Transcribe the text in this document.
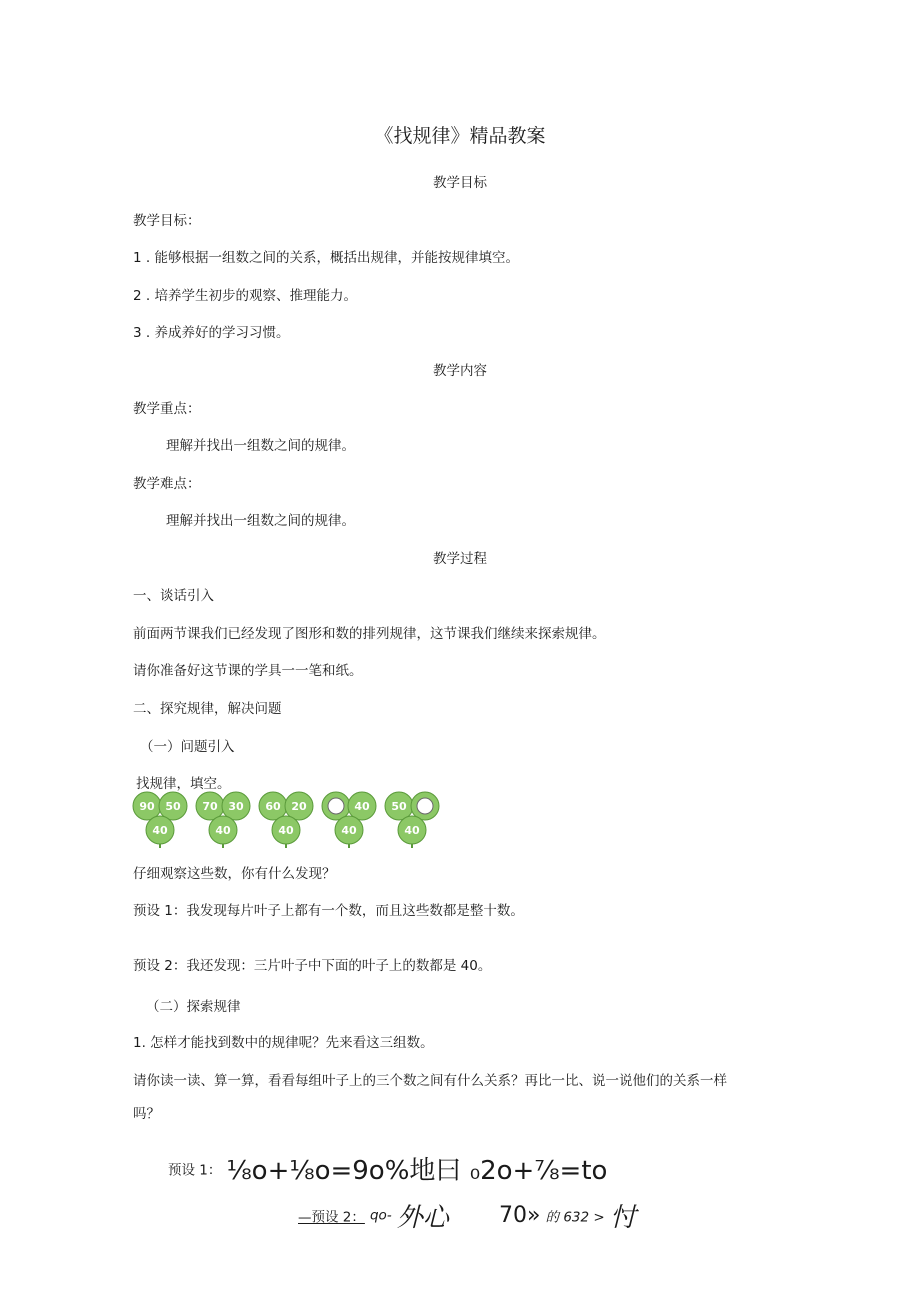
《找规律》精品教案
教学目标
教学目标：
1 . 能够根据一组数之间的关系，概括出规律，并能按规律填空。
2 . 培养学生初步的观察、推理能力。
3 . 养成养好的学习习惯。
教学内容
教学重点：
理解并找出一组数之间的规律。
教学难点：
理解并找出一组数之间的规律。
教学过程
一、谈话引入
前面两节课我们已经发现了图形和数的排列规律，这节课我们继续来探索规律。
请你准备好这节课的学具一一笔和纸。
二、探究规律，解决问题
（一）问题引入
找规律，填空。
90 50
40
70 30
40
60 20
40
40
40
50
40
仔细观察这些数，你有什么发现？
预设 1：我发现每片叶子上都有一个数，而且这些数都是整十数。
预设 2：我还发现：三片叶子中下面的叶子上的数都是 40。
（二）探索规律
1. 怎样才能找到数中的规律呢？先来看这三组数。
请你读一读、算一算，看看每组叶子上的三个数之间有什么关系？再比一比、说一说他们的关系一样
吗？
预设 1： ⅛o+⅛o=9o%地曰 ₀2o+⅞=to
—预设 2： qo- 外心 70» 的 632 > 忖
